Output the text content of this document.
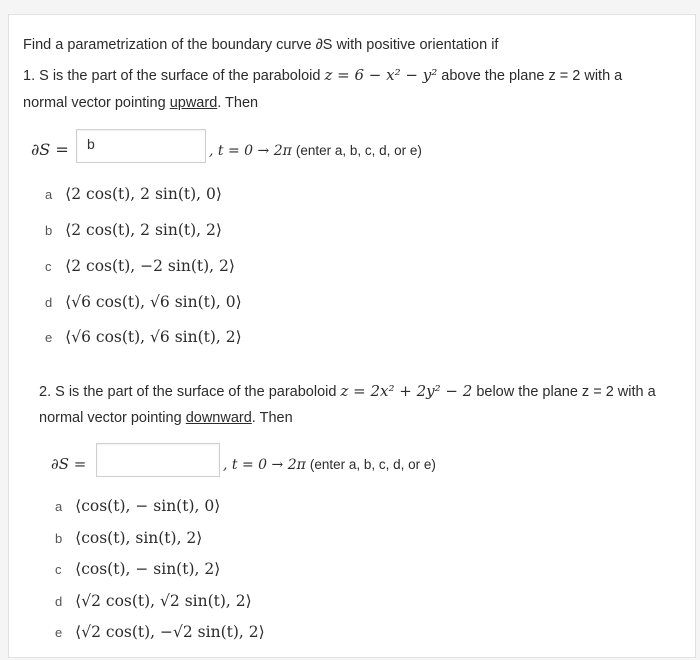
Find a parametrization of the boundary curve ∂S with positive orientation if
1. S is the part of the surface of the paraboloid z = 6 − x² − y² above the plane z = 2 with a
normal vector pointing upward. Then
∂S = b	, t = 0 → 2π (enter a, b, c, d, or e)
a ⟨2 cos(t), 2 sin(t), 0⟩
b ⟨2 cos(t), 2 sin(t), 2⟩
c ⟨2 cos(t), −2 sin(t), 2⟩
d ⟨√6 cos(t), √6 sin(t), 0⟩
e ⟨√6 cos(t), √6 sin(t), 2⟩
2. S is the part of the surface of the paraboloid z = 2x² + 2y² − 2 below the plane z = 2 with a
normal vector pointing downward. Then
∂S =	, t = 0 → 2π (enter a, b, c, d, or e)
a ⟨cos(t), − sin(t), 0⟩
b ⟨cos(t), sin(t), 2⟩
c ⟨cos(t), − sin(t), 2⟩
d ⟨√2 cos(t), √2 sin(t), 2⟩
e ⟨√2 cos(t), −√2 sin(t), 2⟩
